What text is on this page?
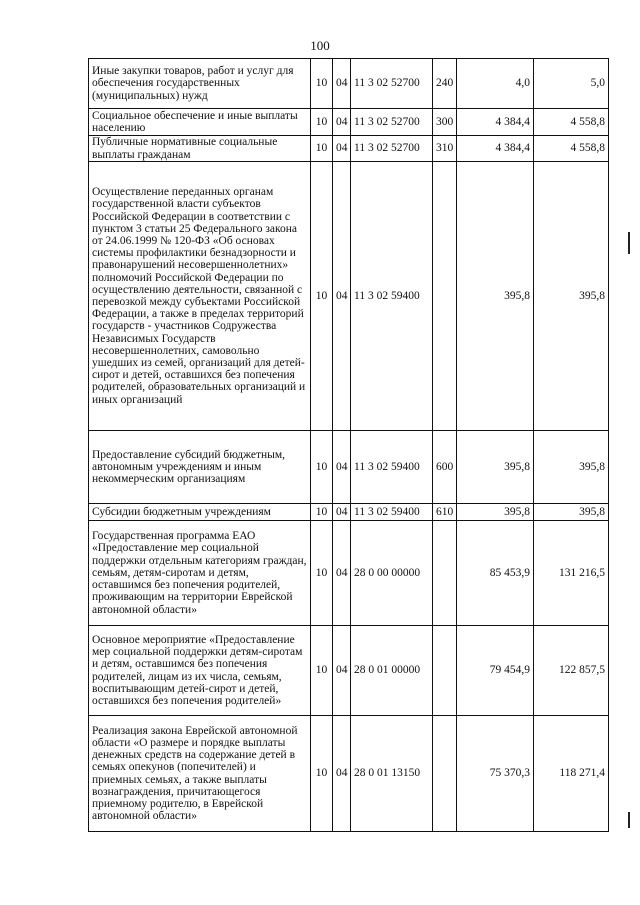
100
Иные закупки товаров, работ и услуг для обеспечения государственных (муниципальных) нужд	10	04	11 3 02 52700	240	4,0	5,0
Социальное обеспечение и иные выплаты населению	10	04	11 3 02 52700	300	4 384,4	4 558,8
Публичные нормативные социальные выплаты гражданам	10	04	11 3 02 52700	310	4 384,4	4 558,8
Осуществление переданных органам государственной власти субъектов Российской Федерации в соответствии с пунктом 3 статьи 25 Федерального закона от 24.06.1999 № 120-ФЗ «Об основах системы профилактики безнадзорности и правонарушений несовершеннолетних» полномочий Российской Федерации по осуществлению деятельности, связанной с перевозкой между субъектами Российской Федерации, а также в пределах территорий государств - участников Содружества Независимых Государств несовершеннолетних, самовольно ушедших из семей, организаций для детей-сирот и детей, оставшихся без попечения родителей, образовательных организаций и иных организаций	10	04	11 3 02 59400		395,8	395,8
Предоставление субсидий бюджетным, автономным учреждениям и иным некоммерческим организациям	10	04	11 3 02 59400	600	395,8	395,8
Субсидии бюджетным учреждениям	10	04	11 3 02 59400	610	395,8	395,8
Государственная программа ЕАО «Предоставление мер социальной поддержки отдельным категориям граждан, семьям, детям-сиротам и детям, оставшимся без попечения родителей, проживающим на территории Еврейской автономной области»	10	04	28 0 00 00000		85 453,9	131 216,5
Основное мероприятие «Предоставление мер социальной поддержки детям-сиротам и детям, оставшимся без попечения родителей, лицам из их числа, семьям, воспитывающим детей-сирот и детей, оставшихся без попечения родителей»	10	04	28 0 01 00000		79 454,9	122 857,5
Реализация закона Еврейской автономной области «О размере и порядке выплаты денежных средств на содержание детей в семьях опекунов (попечителей) и приемных семьях, а также выплаты вознаграждения, причитающегося приемному родителю, в Еврейской автономной области»	10	04	28 0 01 13150		75 370,3	118 271,4
